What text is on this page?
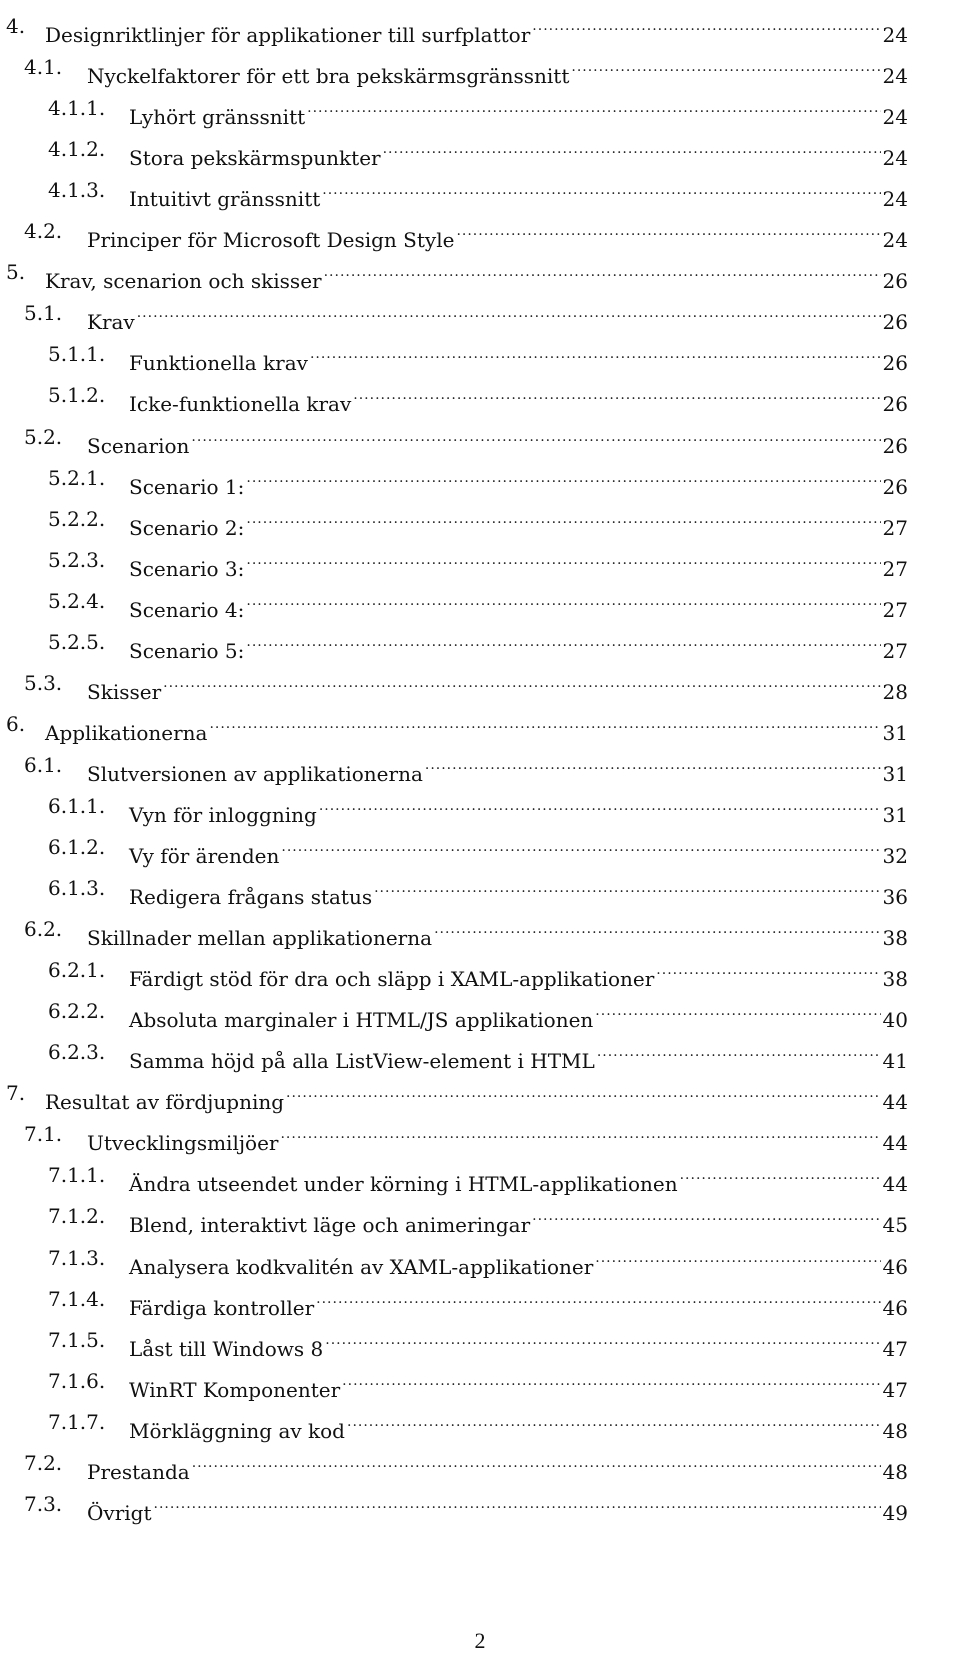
4. Designriktlinjer för applikationer till surfplattor .....	24
4.1. Nyckelfaktorer för ett bra pekskärmsgränssnitt .....	24
4.1.1. Lyhört gränssnitt .....	24
4.1.2. Stora pekskärmspunkter .....	24
4.1.3. Intuitivt gränssnitt .....	24
4.2. Principer för Microsoft Design Style .....	24
5. Krav, scenarion och skisser .....	26
5.1. Krav .....	26
5.1.1. Funktionella krav .....	26
5.1.2. Icke-funktionella krav .....	26
5.2. Scenarion .....	26
5.2.1. Scenario 1: .....	26
5.2.2. Scenario 2: .....	27
5.2.3. Scenario 3: .....	27
5.2.4. Scenario 4: .....	27
5.2.5. Scenario 5: .....	27
5.3. Skisser .....	28
6. Applikationerna .....	31
6.1. Slutversionen av applikationerna .....	31
6.1.1. Vyn för inloggning .....	31
6.1.2. Vy för ärenden .....	32
6.1.3. Redigera frågans status .....	36
6.2. Skillnader mellan applikationerna .....	38
6.2.1. Färdigt stöd för dra och släpp i XAML-applikationer .....	38
6.2.2. Absoluta marginaler i HTML/JS applikationen .....	40
6.2.3. Samma höjd på alla ListView-element i HTML .....	41
7. Resultat av fördjupning .....	44
7.1. Utvecklingsmiljöer .....	44
7.1.1. Ändra utseendet under körning i HTML-applikationen .....	44
7.1.2. Blend, interaktivt läge och animeringar .....	45
7.1.3. Analysera kodkvalitén av XAML-applikationer .....	46
7.1.4. Färdiga kontroller .....	46
7.1.5. Låst till Windows 8 .....	47
7.1.6. WinRT Komponenter .....	47
7.1.7. Mörkläggning av kod .....	48
7.2. Prestanda .....	48
7.3. Övrigt .....	49
2
